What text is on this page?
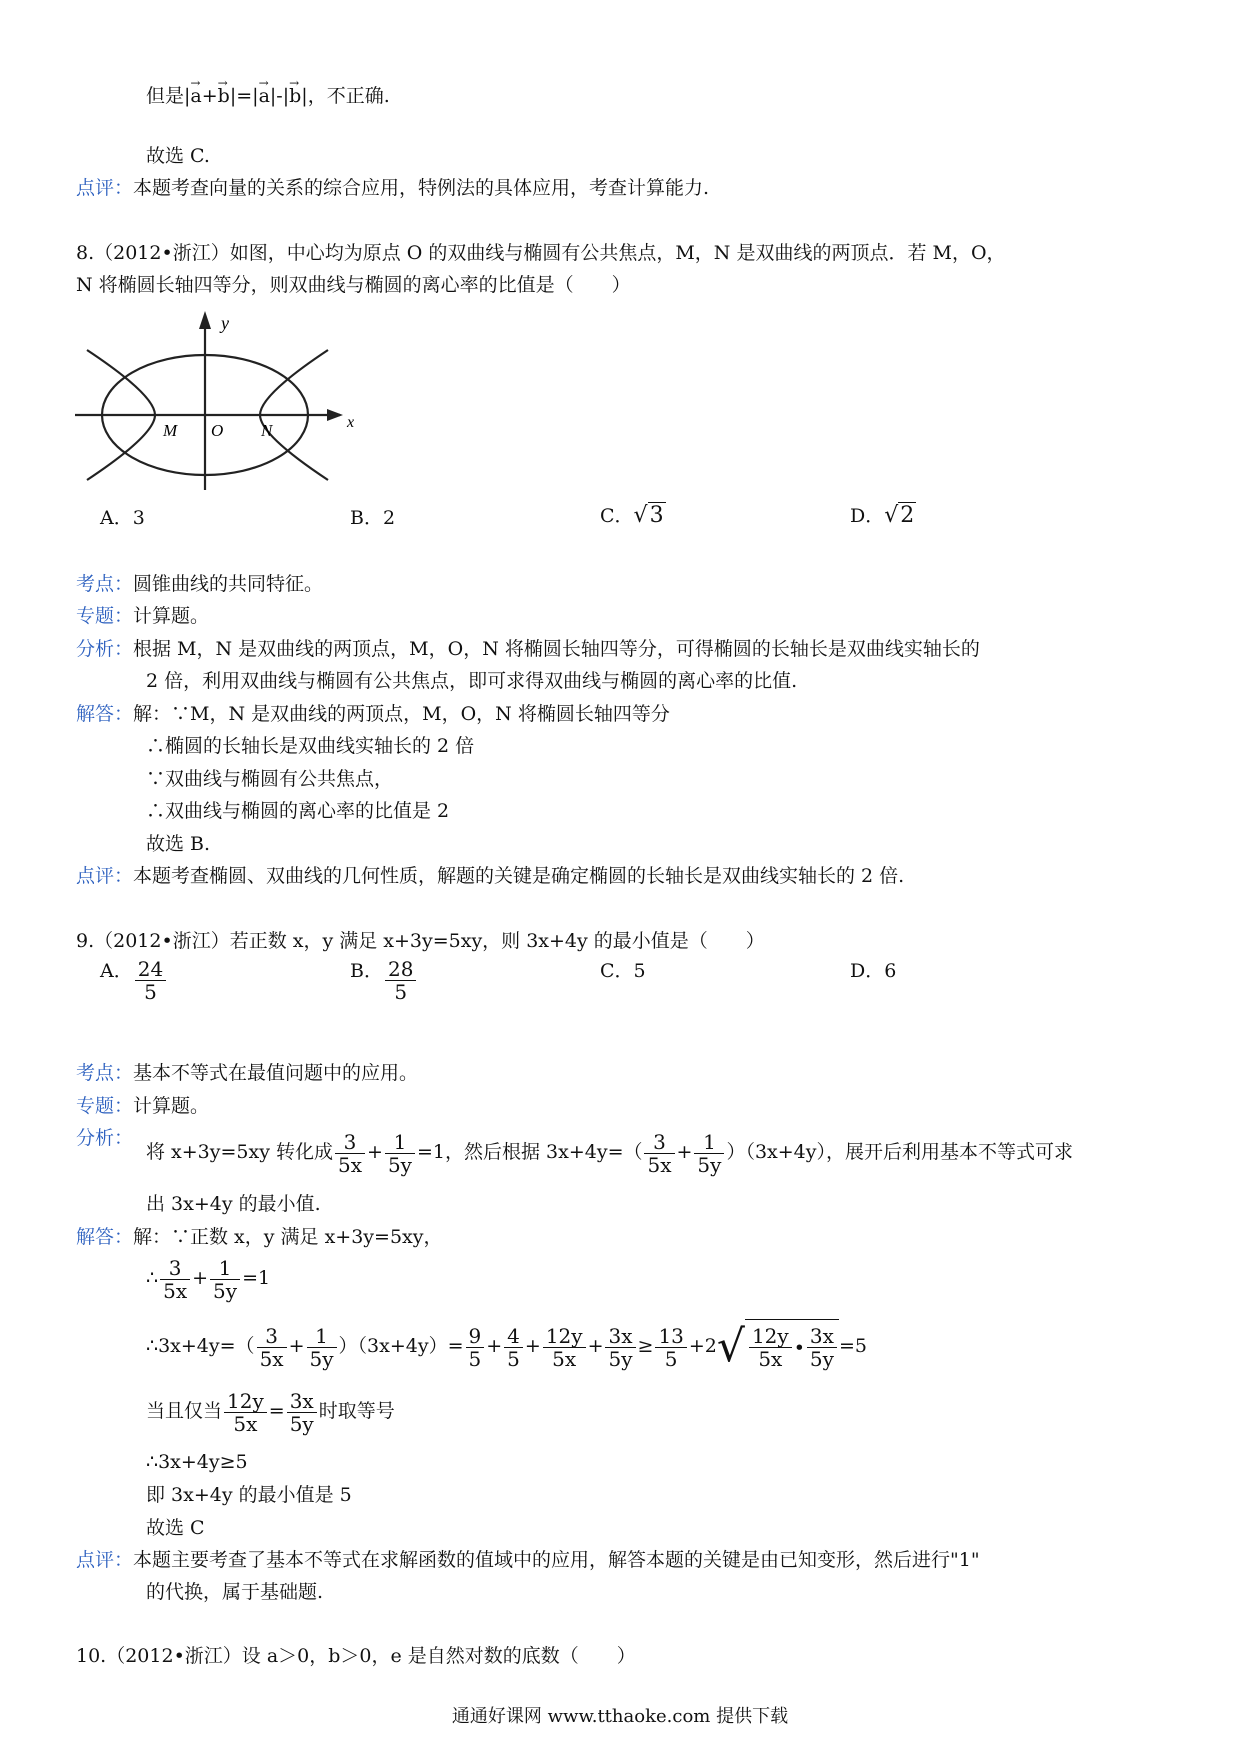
但是|→ a+→ b|=|→ a|-|→ b|，不正确.
故选 C.
点评：本题考查向量的关系的综合应用，特例法的具体应用，考查计算能力.
8.（2012•浙江）如图，中心均为原点 O 的双曲线与椭圆有公共焦点，M，N 是双曲线的两顶点．若 M，O，
N 将椭圆长轴四等分，则双曲线与椭圆的离心率的比值是（　　）
y
x
M O N
A．3	B．2	C．√3	D．√2
考点：圆锥曲线的共同特征。
专题：计算题。
分析：根据 M，N 是双曲线的两顶点，M，O，N 将椭圆长轴四等分，可得椭圆的长轴长是双曲线实轴长的
2 倍，利用双曲线与椭圆有公共焦点，即可求得双曲线与椭圆的离心率的比值.
解答：解：∵M，N 是双曲线的两顶点，M，O，N 将椭圆长轴四等分
∴椭圆的长轴长是双曲线实轴长的 2 倍
∵双曲线与椭圆有公共焦点，
∴双曲线与椭圆的离心率的比值是 2
故选 B.
点评：本题考查椭圆、双曲线的几何性质，解题的关键是确定椭圆的长轴长是双曲线实轴长的 2 倍.
9.（2012•浙江）若正数 x，y 满足 x+3y=5xy，则 3x+4y 的最小值是（　　）
A． $\frac{24}{5}$	B． $\frac{28}{5}$	C．5	D．6
考点：基本不等式在最值问题中的应用。
专题：计算题。
分析：
将 x+3y=5xy 转化成 $\frac{3}{5x} + \frac{1}{5y} =1$，然后根据 $3x+4y=( \frac{3}{5x} + \frac{1}{5y} )(3x+4y)$，展开后利用基本不等式可求
出 3x+4y 的最小值.
解答：解：∵正数 x，y 满足 x+3y=5xy，
∴ $\frac{3}{5x} + \frac{1}{5y} =1$
∴3x+4y=（ $\frac{3}{5x} + \frac{1}{5y} )(3x+4y)= \frac{9}{5} + \frac{4}{5} + \frac{12y}{5x} + \frac{3x}{5y} \ge \frac{13}{5} +2$ √ $\frac{12y}{5x}$ • $\frac{3x}{5y} =5$
当且仅当 $\frac{12y}{5x} = \frac{3x}{5y}$ 时取等号
∴3x+4y≥5
即 3x+4y 的最小值是 5
故选 C
点评：本题主要考查了基本不等式在求解函数的值域中的应用，解答本题的关键是由已知变形，然后进行"1"
的代换，属于基础题.
10.（2012•浙江）设 a＞0，b＞0，e 是自然对数的底数（　　）
通通好课网 www.tthaoke.com 提供下载
